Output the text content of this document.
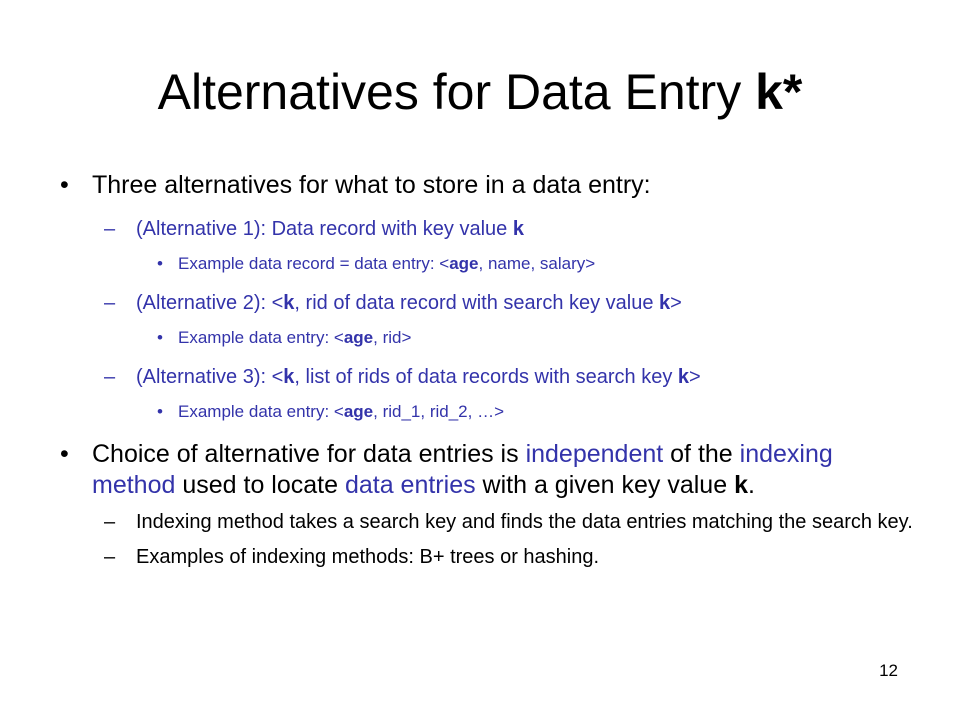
Alternatives for Data Entry k*
• Three alternatives for what to store in a data entry:
– (Alternative 1): Data record with key value k
• Example data record = data entry: <age, name, salary>
– (Alternative 2): <k, rid of data record with search key value k>
• Example data entry: <age, rid>
– (Alternative 3): <k, list of rids of data records with search key k>
• Example data entry: <age, rid_1, rid_2, …>
• Choice of alternative for data entries is independent of the indexing method used to locate data entries with a given key value k.
– Indexing method takes a search key and finds the data entries matching the search key.
– Examples of indexing methods: B+ trees or hashing.
12
